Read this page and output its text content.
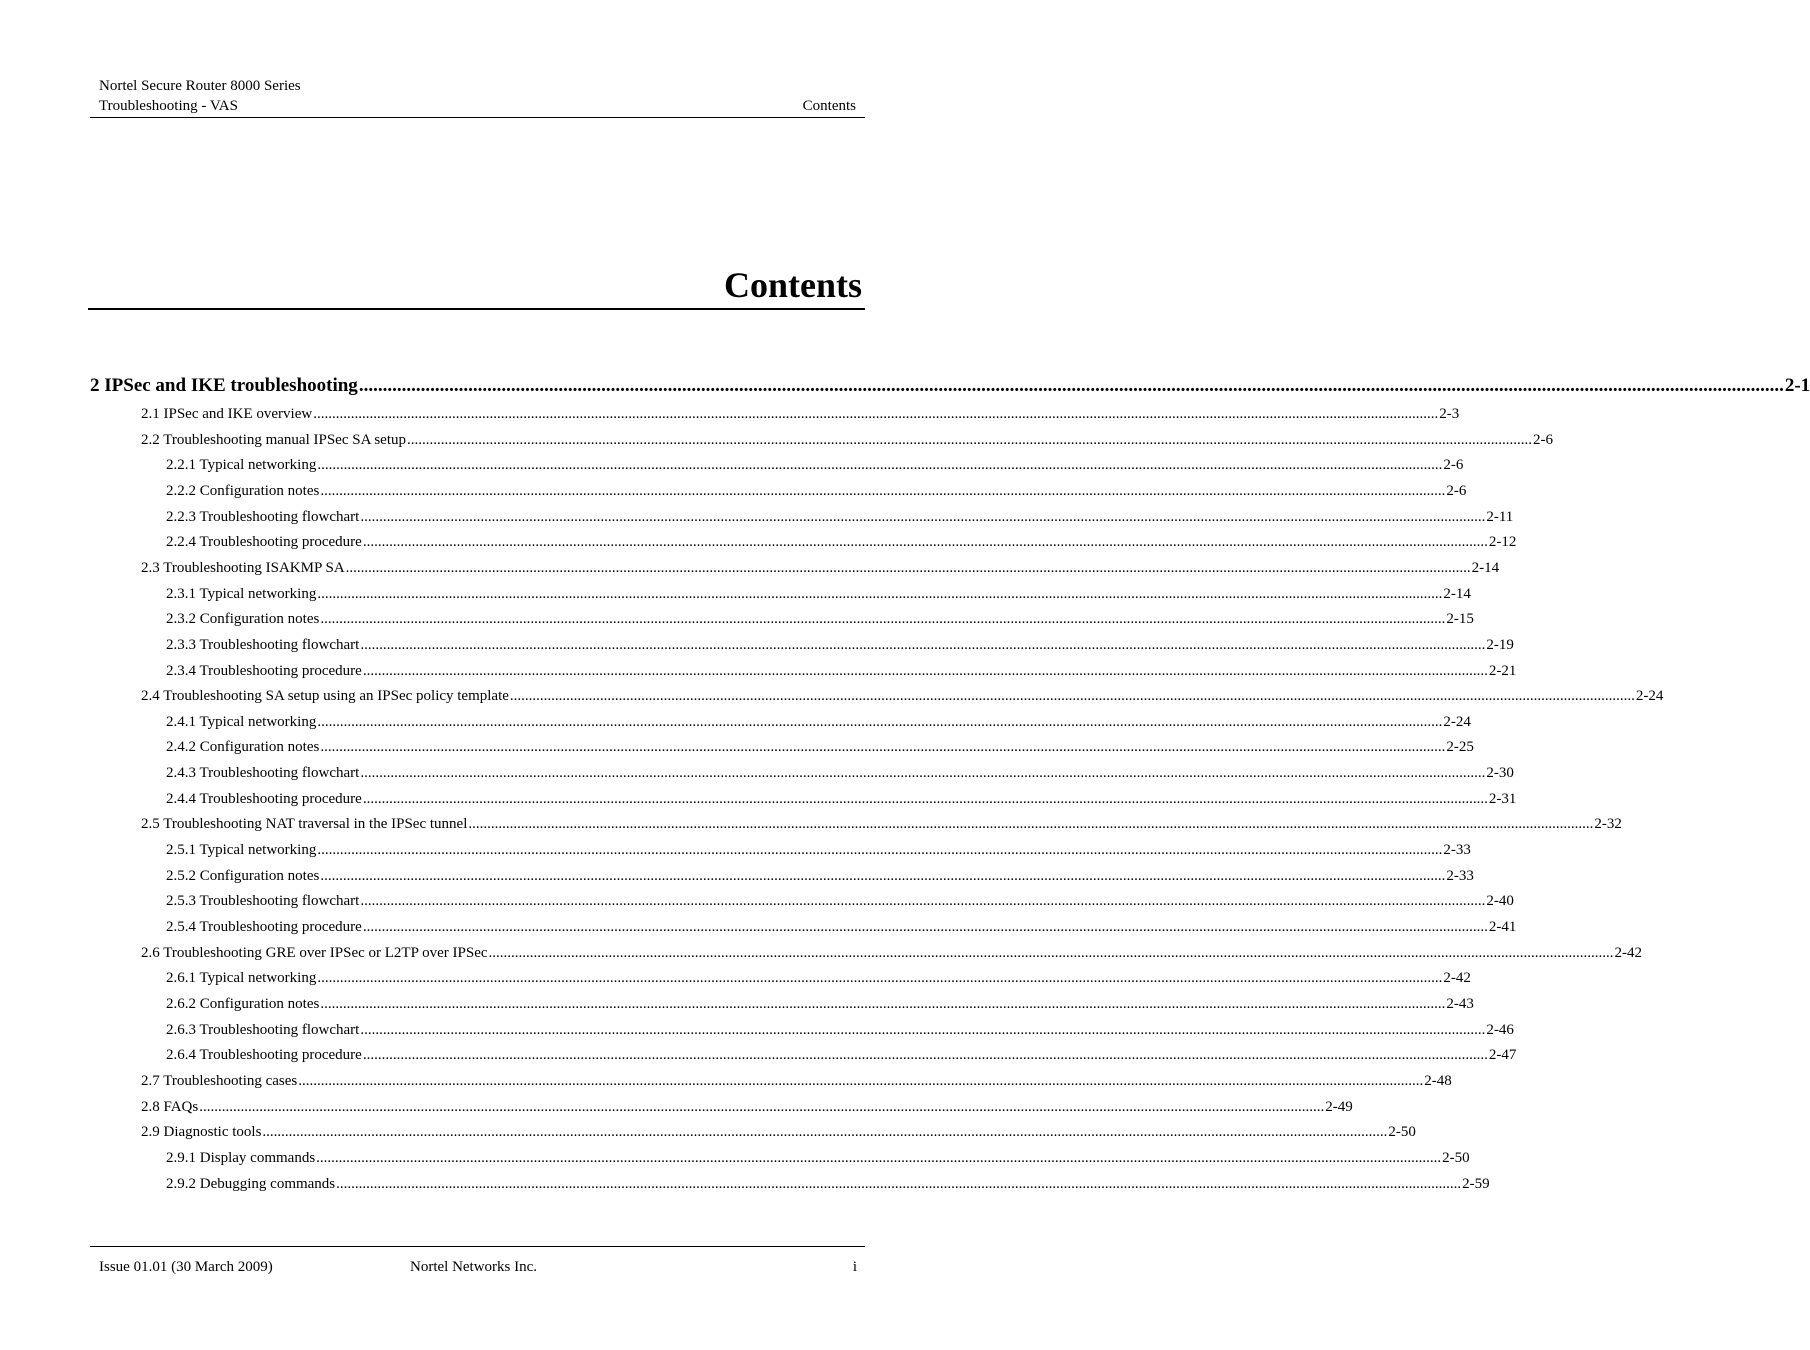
Nortel Secure Router 8000 Series
Troubleshooting - VAS	Contents
Contents
2 IPSec and IKE troubleshooting ............................................................................................................................................................................................................................................................................................................ 2-1
2.1 IPSec and IKE overview ............................................................................................................................................................................................................................................................................................................ 2-3
2.2 Troubleshooting manual IPSec SA setup ............................................................................................................................................................................................................................................................................................................ 2-6
2.2.1 Typical networking ............................................................................................................................................................................................................................................................................................................ 2-6
2.2.2 Configuration notes ............................................................................................................................................................................................................................................................................................................ 2-6
2.2.3 Troubleshooting flowchart ............................................................................................................................................................................................................................................................................................................ 2-11
2.2.4 Troubleshooting procedure ............................................................................................................................................................................................................................................................................................................ 2-12
2.3 Troubleshooting ISAKMP SA ............................................................................................................................................................................................................................................................................................................ 2-14
2.3.1 Typical networking ............................................................................................................................................................................................................................................................................................................ 2-14
2.3.2 Configuration notes ............................................................................................................................................................................................................................................................................................................ 2-15
2.3.3 Troubleshooting flowchart ............................................................................................................................................................................................................................................................................................................ 2-19
2.3.4 Troubleshooting procedure ............................................................................................................................................................................................................................................................................................................ 2-21
2.4 Troubleshooting SA setup using an IPSec policy template ............................................................................................................................................................................................................................................................................................................ 2-24
2.4.1 Typical networking ............................................................................................................................................................................................................................................................................................................ 2-24
2.4.2 Configuration notes ............................................................................................................................................................................................................................................................................................................ 2-25
2.4.3 Troubleshooting flowchart ............................................................................................................................................................................................................................................................................................................ 2-30
2.4.4 Troubleshooting procedure ............................................................................................................................................................................................................................................................................................................ 2-31
2.5 Troubleshooting NAT traversal in the IPSec tunnel ............................................................................................................................................................................................................................................................................................................ 2-32
2.5.1 Typical networking ............................................................................................................................................................................................................................................................................................................ 2-33
2.5.2 Configuration notes ............................................................................................................................................................................................................................................................................................................ 2-33
2.5.3 Troubleshooting flowchart ............................................................................................................................................................................................................................................................................................................ 2-40
2.5.4 Troubleshooting procedure ............................................................................................................................................................................................................................................................................................................ 2-41
2.6 Troubleshooting GRE over IPSec or L2TP over IPSec ............................................................................................................................................................................................................................................................................................................ 2-42
2.6.1 Typical networking ............................................................................................................................................................................................................................................................................................................ 2-42
2.6.2 Configuration notes ............................................................................................................................................................................................................................................................................................................ 2-43
2.6.3 Troubleshooting flowchart ............................................................................................................................................................................................................................................................................................................ 2-46
2.6.4 Troubleshooting procedure ............................................................................................................................................................................................................................................................................................................ 2-47
2.7 Troubleshooting cases ............................................................................................................................................................................................................................................................................................................ 2-48
2.8 FAQs ............................................................................................................................................................................................................................................................................................................ 2-49
2.9 Diagnostic tools ............................................................................................................................................................................................................................................................................................................ 2-50
2.9.1 Display commands ............................................................................................................................................................................................................................................................................................................ 2-50
2.9.2 Debugging commands ............................................................................................................................................................................................................................................................................................................ 2-59
Issue 01.01 (30 March 2009)	Nortel Networks Inc.	i
